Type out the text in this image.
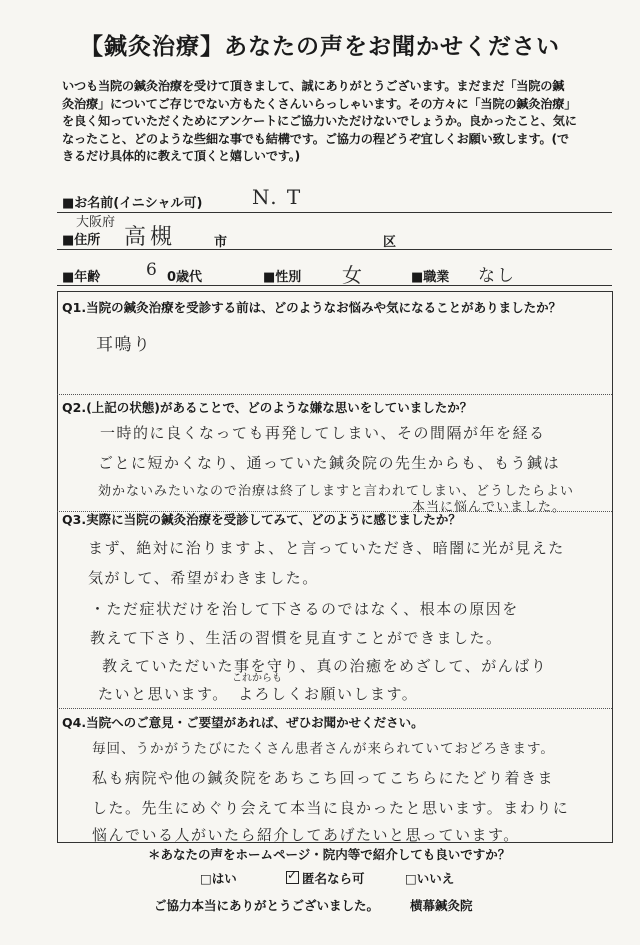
【鍼灸治療】あなたの声をお聞かせください
いつも当院の鍼灸治療を受けて頂きまして、誠にありがとうございます。まだまだ「当院の鍼
灸治療」についてご存じでない方もたくさんいらっしゃいます。その方々に「当院の鍼灸治療」
を良く知っていただくためにアンケートにご協力いただけないでしょうか。良かったこと、気に
なったこと、どのような些細な事でも結構です。ご協力の程どうぞ宜しくお願い致します。(で
きるだけ具体的に教えて頂くと嬉しいです。)
■お名前(イニシャル可) N. T
大阪府
■住所 高槻	市	区
■年齢	6 0歳代	■性別 女	■職業 なし
Q1.当院の鍼灸治療を受診する前は、どのようなお悩みや気になることがありましたか？
耳鳴り
Q2.(上記の状態)があることで、どのような嫌な思いをしていましたか？
一時的に良くなっても再発してしまい、その間隔が年を経る
ごとに短かくなり、通っていた鍼灸院の先生からも、もう鍼は
効かないみたいなので治療は終了しますと言われてしまい、どうしたらよい
本当に悩んでいました。
Q3.実際に当院の鍼灸治療を受診してみて、どのように感じましたか？
まず、絶対に治りますよ、と言っていただき、暗闇に光が見えた
気がして、希望がわきました。
・ただ症状だけを治して下さるのではなく、根本の原因を
教えて下さり、生活の習慣を見直すことができました。
教えていただいた事を守り、真の治癒をめざして、がんばり
たいと思います。
これからも
よろしくお願いします。
Q4.当院へのご意見・ご要望があれば、ぜひお聞かせください。
毎回、うかがうたびにたくさん患者さんが来られていておどろきます。
私も病院や他の鍼灸院をあちこち回ってこちらにたどり着きま
した。先生にめぐり会えて本当に良かったと思います。まわりに
悩んでいる人がいたら紹介してあげたいと思っています。
＊あなたの声をホームページ・院内等で紹介しても良いですか？
□はい	✓ 匿名なら可	□いいえ
ご協力本当にありがとうございました。 横幕鍼灸院
